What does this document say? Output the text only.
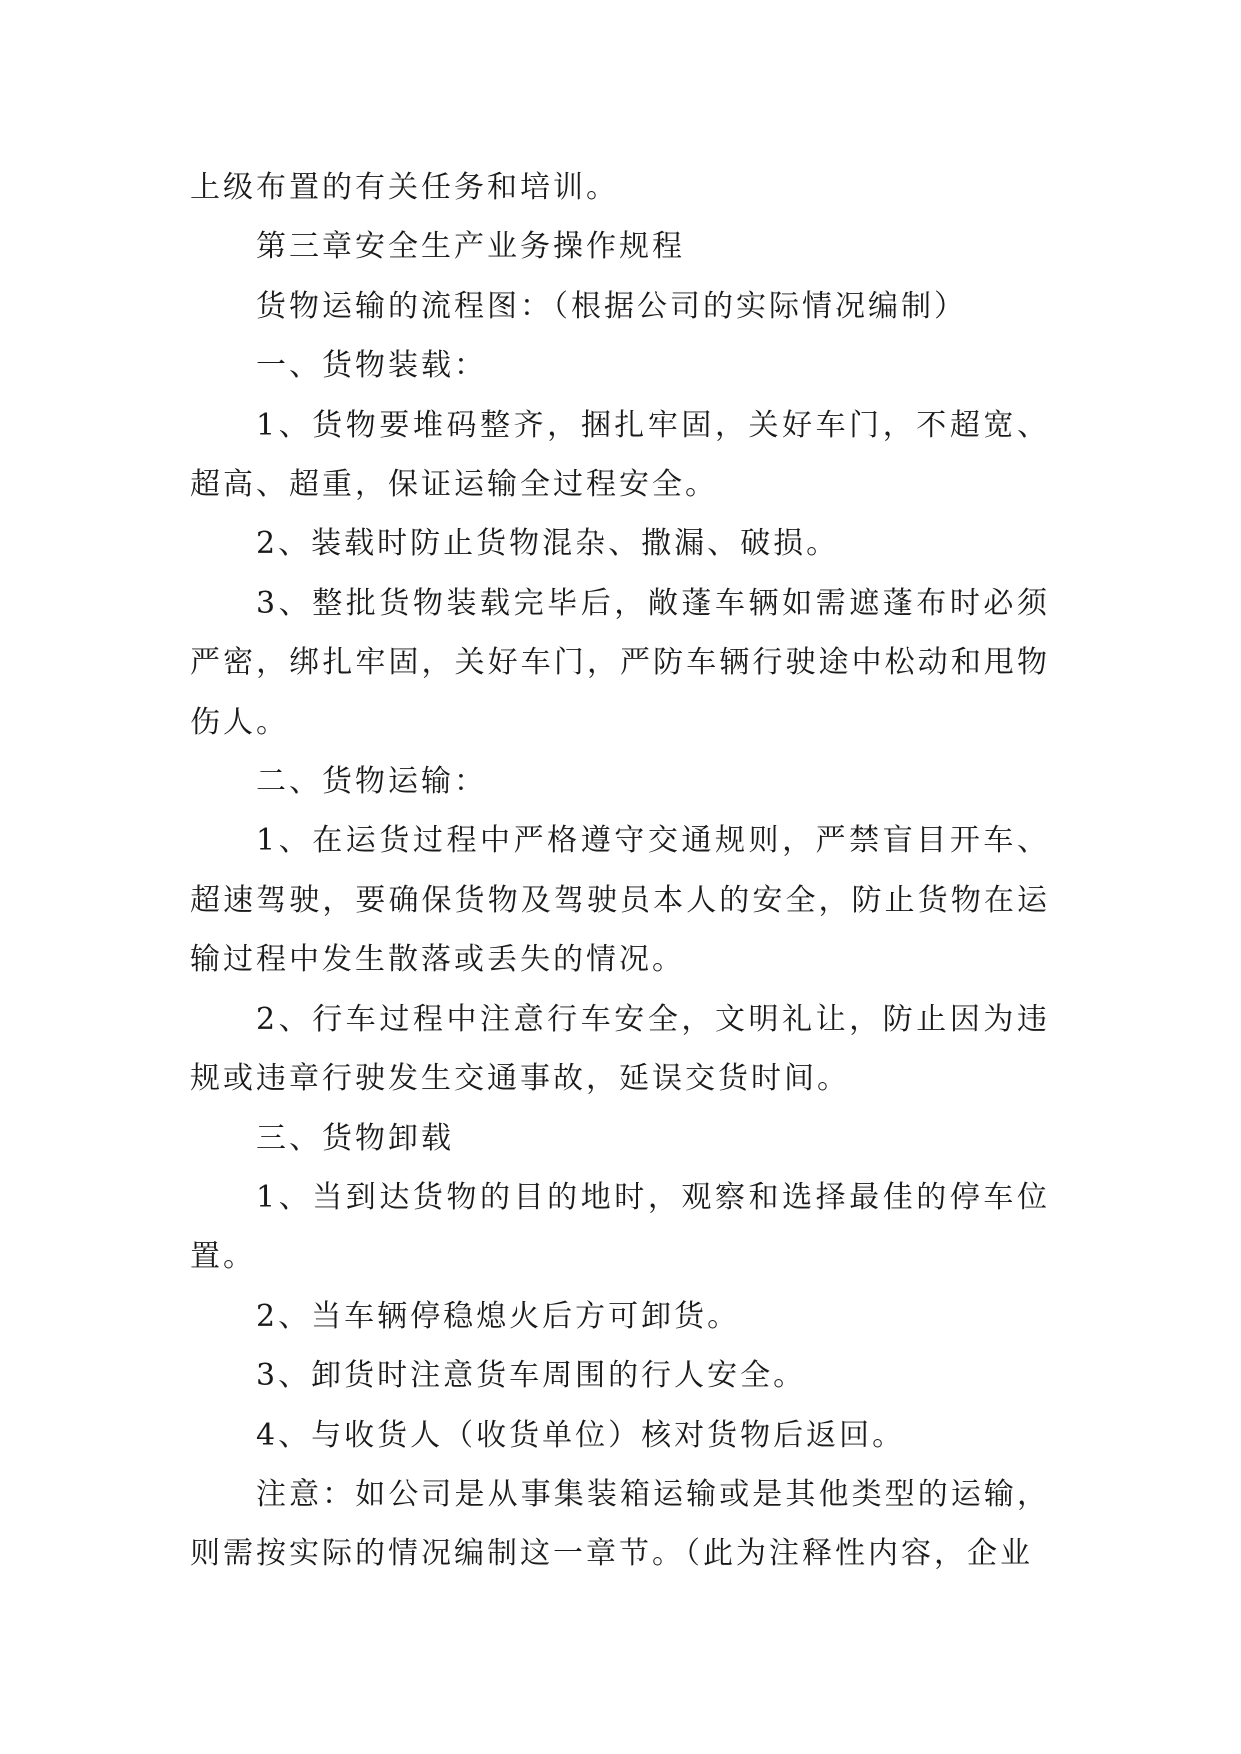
上级布置的有关任务和培训。

第三章安全生产业务操作规程

货物运输的流程图：（根据公司的实际情况编制）

一、货物装载：

1、货物要堆码整齐，捆扎牢固，关好车门，不超宽、超高、超重，保证运输全过程安全。

2、装载时防止货物混杂、撒漏、破损。

3、整批货物装载完毕后，敞蓬车辆如需遮蓬布时必须严密，绑扎牢固，关好车门，严防车辆行驶途中松动和甩物伤人。

二、货物运输：

1、在运货过程中严格遵守交通规则，严禁盲目开车、超速驾驶，要确保货物及驾驶员本人的安全，防止货物在运输过程中发生散落或丢失的情况。

2、行车过程中注意行车安全，文明礼让，防止因为违规或违章行驶发生交通事故，延误交货时间。

三、货物卸载

1、当到达货物的目的地时，观察和选择最佳的停车位置。

2、当车辆停稳熄火后方可卸货。

3、卸货时注意货车周围的行人安全。

4、与收货人（收货单位）核对货物后返回。

注意：如公司是从事集装箱运输或是其他类型的运输，则需按实际的情况编制这一章节。（此为注释性内容，企业
